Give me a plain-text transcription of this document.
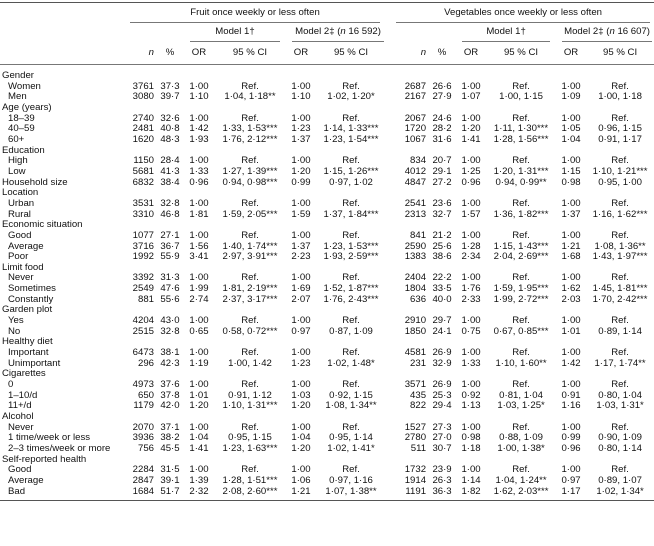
	Fruit once weekly or less often						Vegetables once weekly or less often					

			Model 1†		Model 2‡ (n 16 592)				Model 1†		Model 2‡ (n 16 607)	

	n	%	OR	95 % CI	OR	95 % CI	n	%	OR	95 % CI	OR	95 % CI

Gender												
Women	3761	37·3	1·00	Ref.	1·00	Ref.	2687	26·6	1·00	Ref.	1·00	Ref.
Men	3080	39·7	1·10	1·04, 1·18**	1·10	1·02, 1·20*	2167	27·9	1·07	1·00, 1·15	1·09	1·00, 1·18
Age (years)												
18–39	2740	32·6	1·00	Ref.	1·00	Ref.	2067	24·6	1·00	Ref.	1·00	Ref.
40–59	2481	40·8	1·42	1·33, 1·53***	1·23	1·14, 1·33***	1720	28·2	1·20	1·11, 1·30***	1·05	0·96, 1·15
60+	1620	48·3	1·93	1·76, 2·12***	1·37	1·23, 1·54***	1067	31·6	1·41	1·28, 1·56***	1·04	0·91, 1·17
Education												
High	1150	28·4	1·00	Ref.	1·00	Ref.	834	20·7	1·00	Ref.	1·00	Ref.
Low	5681	41·3	1·33	1·27, 1·39***	1·20	1·15, 1·26***	4012	29·1	1·25	1·20, 1·31***	1·15	1·10, 1·21***
Household size	6832	38·4	0·96	0·94, 0·98***	0·99	0·97, 1·02	4847	27·2	0·96	0·94, 0·99**	0·98	0·95, 1·00
Location												
Urban	3531	32·8	1·00	Ref.	1·00	Ref.	2541	23·6	1·00	Ref.	1·00	Ref.
Rural	3310	46·8	1·81	1·59, 2·05***	1·59	1·37, 1·84***	2313	32·7	1·57	1·36, 1·82***	1·37	1·16, 1·62***
Economic situation												
Good	1077	27·1	1·00	Ref.	1·00	Ref.	841	21·2	1·00	Ref.	1·00	Ref.
Average	3716	36·7	1·56	1·40, 1·74***	1·37	1·23, 1·53***	2590	25·6	1·28	1·15, 1·43***	1·21	1·08, 1·36**
Poor	1992	55·9	3·41	2·97, 3·91***	2·23	1·93, 2·59***	1383	38·6	2·34	2·04, 2·69***	1·68	1·43, 1·97***
Limit food												
Never	3392	31·3	1·00	Ref.	1·00	Ref.	2404	22·2	1·00	Ref.	1·00	Ref.
Sometimes	2549	47·6	1·99	1·81, 2·19***	1·69	1·52, 1·87***	1804	33·5	1·76	1·59, 1·95***	1·62	1·45, 1·81***
Constantly	881	55·6	2·74	2·37, 3·17***	2·07	1·76, 2·43***	636	40·0	2·33	1·99, 2·72***	2·03	1·70, 2·42***
Garden plot												
Yes	4204	43·0	1·00	Ref.	1·00	Ref.	2910	29·7	1·00	Ref.	1·00	Ref.
No	2515	32·8	0·65	0·58, 0·72***	0·97	0·87, 1·09	1850	24·1	0·75	0·67, 0·85***	1·01	0·89, 1·14
Healthy diet												
Important	6473	38·1	1·00	Ref.	1·00	Ref.	4581	26·9	1·00	Ref.	1·00	Ref.
Unimportant	296	42·3	1·19	1·00, 1·42	1·23	1·02, 1·48*	231	32·9	1·33	1·10, 1·60**	1·42	1·17, 1·74**
Cigarettes												
0	4973	37·6	1·00	Ref.	1·00	Ref.	3571	26·9	1·00	Ref.	1·00	Ref.
1–10/d	650	37·8	1·01	0·91, 1·12	1·03	0·92, 1·15	435	25·3	0·92	0·81, 1·04	0·91	0·80, 1·04
11+/d	1179	42·0	1·20	1·10, 1·31***	1·20	1·08, 1·34**	822	29·4	1·13	1·03, 1·25*	1·16	1·03, 1·31*
Alcohol												
Never	2070	37·1	1·00	Ref.	1·00	Ref.	1527	27·3	1·00	Ref.	1·00	Ref.
1 time/week or less	3936	38·2	1·04	0·95, 1·15	1·04	0·95, 1·14	2780	27·0	0·98	0·88, 1·09	0·99	0·90, 1·09
2–3 times/week or more	756	45·5	1·41	1·23, 1·63***	1·20	1·02, 1·41*	511	30·7	1·18	1·00, 1·38*	0·96	0·80, 1·14
Self-reported health												
Good	2284	31·5	1·00	Ref.	1·00	Ref.	1732	23·9	1·00	Ref.	1·00	Ref.
Average	2847	39·1	1·39	1·28, 1·51***	1·06	0·97, 1·16	1914	26·3	1·14	1·04, 1·24**	0·97	0·89, 1·07
Bad	1684	51·7	2·32	2·08, 2·60***	1·21	1·07, 1·38**	1191	36·3	1·82	1·62, 2·03***	1·17	1·02, 1·34*
